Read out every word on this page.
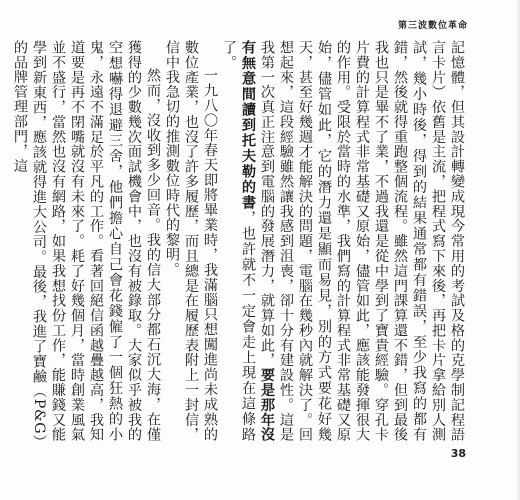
第三波數位革命

記憶體，但其設計轉變成現今常用的考試及格的克學制記程語言卡片）依舊是主流，把程式寫下來後，再把卡片拿給別人測試，幾小時後，得到的結果通常都有錯誤，至少我寫的都有錯，然後就得重跑整個流程。雖然這門課算還不錯，但到最後我也只是畢不了業，不過我還是從中學到了寶貴經驗。穿孔卡片費的計算程式非常基礎又原始，儘管如此，應該能發揮很大的作用。受限於當時的水準，我們寫的計算程式非常基礎又原始，儘管如此，它的潛力還是顯而易見，別的方式要花好幾天，甚至好幾週才能解決的問題，電腦在幾秒內就解決了。回想起來，這段經驗雖然讓我感到沮喪，卻十分有建設性。這是我第一次真正注意到電腦的發展潛力，就算如此，要是那年沒有無意間讀到托夫勒的書，也許就不一定會走上現在這條路了。

一九八〇年春天即將畢業時，我滿腦只想闖進尚未成熟的數位產業，也沒了許多履歷，而且總是在履歷表附上一封信，信中我急切的推測數位時代的黎明。

然而，沒收到多少回音。我的信大部分都石沉大海，在僅獲得的少數幾次面試機會中，也沒有被錄取。大家似乎被我的空想嚇得退避三舍，他們擔心自己會花錢僱了一個狂熱的小鬼，永遠不滿足於平凡的工作。看著回絕信函越疊越高，我知道要是再不閉嘴就沒有未來了。耗了好幾個月，當時創業風氣並不盛行，當然也沒有網路，如果我想找份工作，能賺錢又能學到新東西，應該就得進大公司。最後，我進了寶鹼（P&G）的品牌管理部門，這

38
